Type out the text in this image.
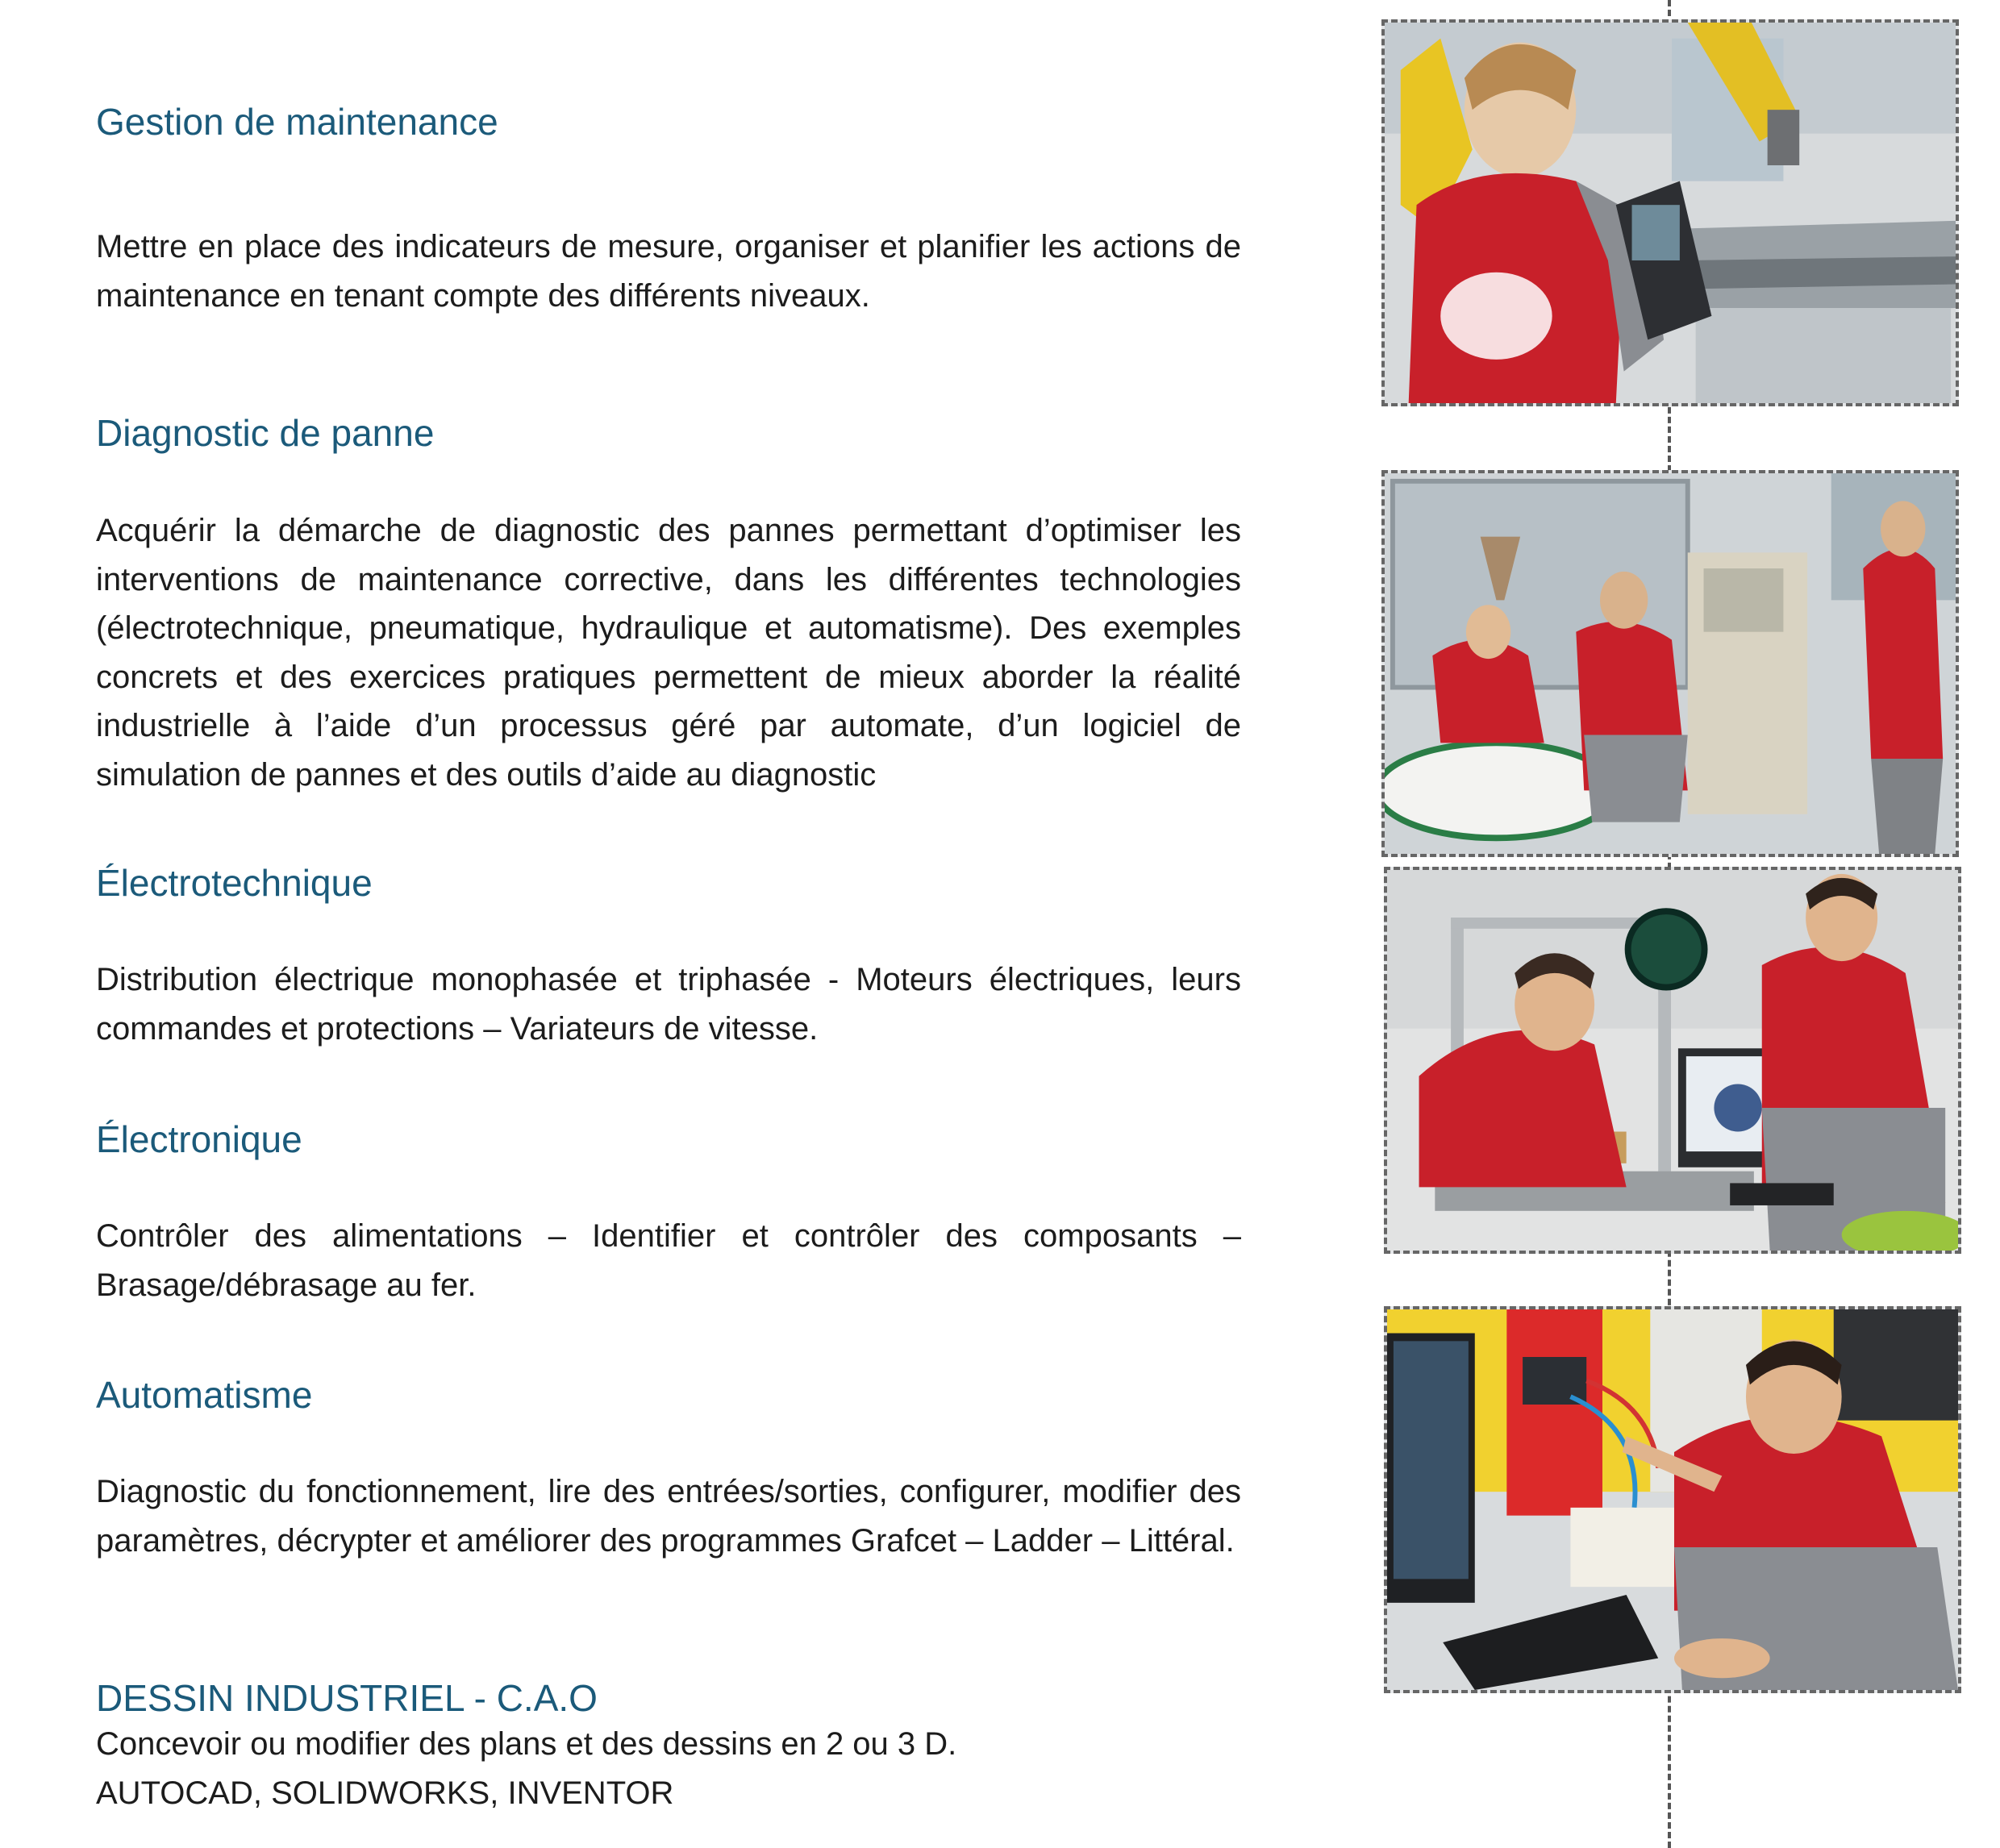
Gestion de maintenance

Mettre en place des indicateurs de mesure, organiser et planifier les actions de maintenance en tenant compte des différents niveaux.

Diagnostic de panne

Acquérir la démarche de diagnostic des pannes permettant d’optimiser les interventions de maintenance corrective, dans les différentes technologies (électrotechnique, pneumatique, hydraulique et automatisme). Des exemples concrets et des exercices pratiques permettent de mieux aborder la réalité industrielle à l’aide d’un processus géré par automate, d’un logiciel de simulation de pannes et des outils d’aide au diagnostic

Électrotechnique

Distribution électrique monophasée et triphasée - Moteurs électriques, leurs commandes et protections – Variateurs de vitesse.

Électronique

Contrôler des alimentations – Identifier et contrôler des composants – Brasage/débrasage au fer.

Automatisme

Diagnostic du fonctionnement, lire des entrées/sorties, configurer, modifier des paramètres, décrypter et améliorer des programmes Grafcet – Ladder – Littéral.

DESSIN INDUSTRIEL - C.A.O

Concevoir ou modifier des plans et des dessins en 2 ou 3 D.
AUTOCAD, SOLIDWORKS, INVENTOR
